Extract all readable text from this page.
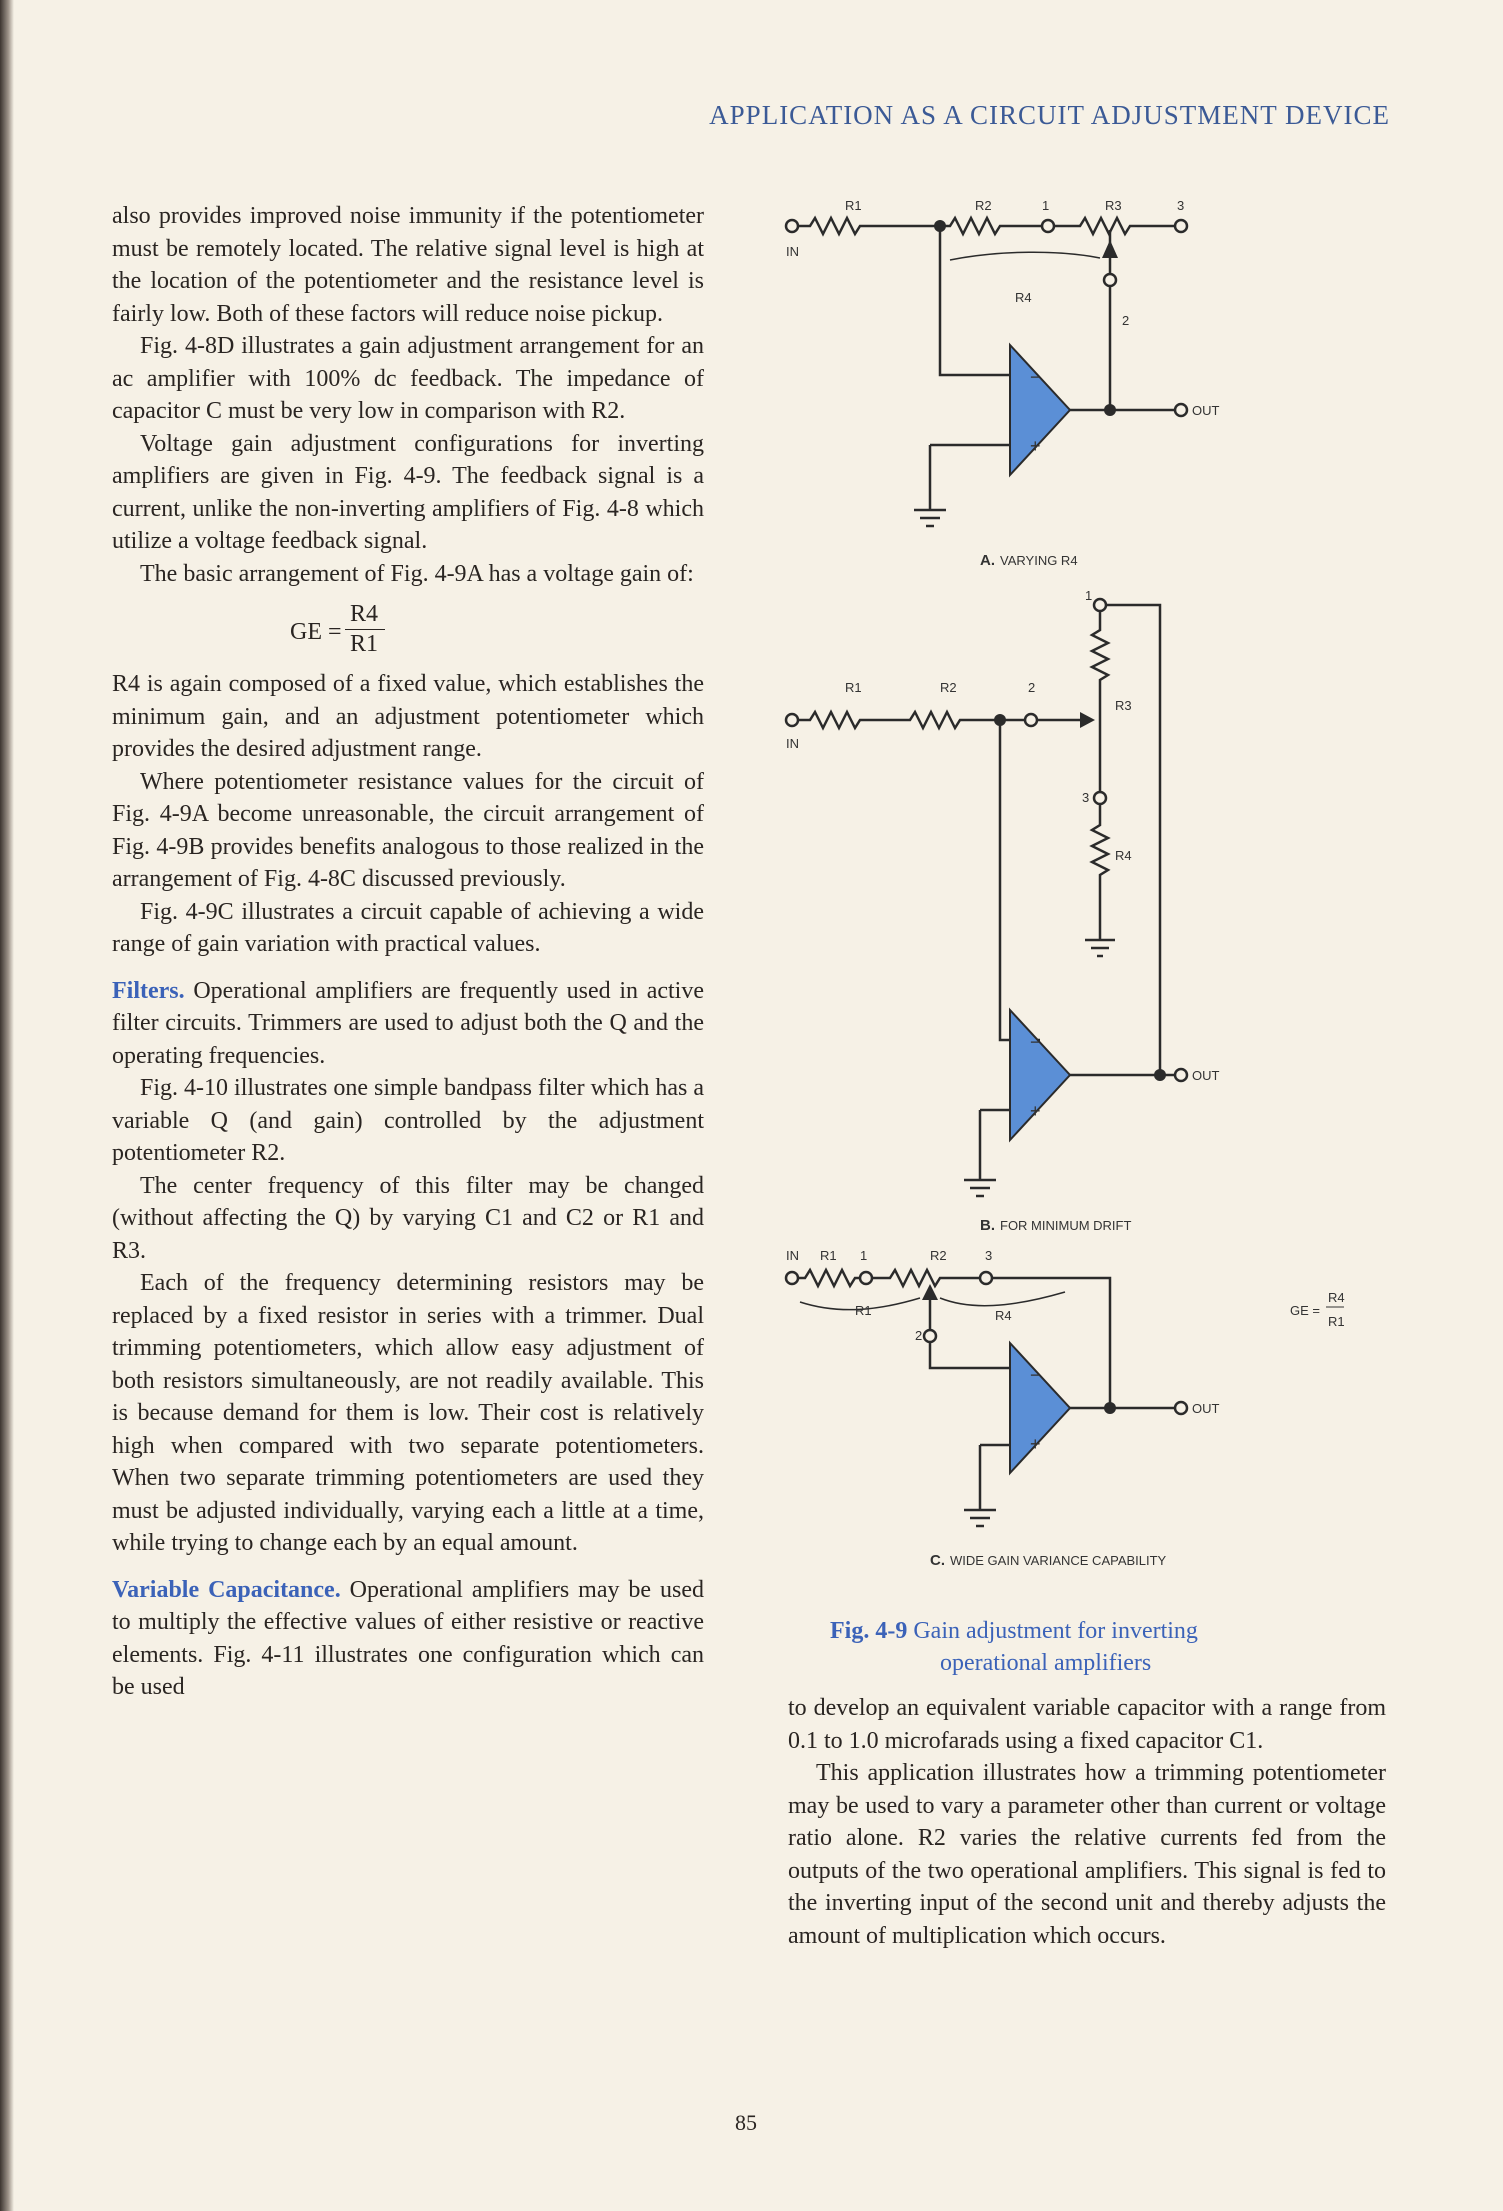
APPLICATION AS A CIRCUIT ADJUSTMENT DEVICE

also provides improved noise immunity if the potentiometer must be remotely located. The relative signal level is high at the location of the potentiometer and the resistance level is fairly low. Both of these factors will reduce noise pickup.

Fig. 4-8D illustrates a gain adjustment arrangement for an ac amplifier with 100% dc feedback. The impedance of capacitor C must be very low in comparison with R2.

Voltage gain adjustment configurations for inverting amplifiers are given in Fig. 4-9. The feedback signal is a current, unlike the non-inverting amplifiers of Fig. 4-8 which utilize a voltage feedback signal.

The basic arrangement of Fig. 4-9A has a voltage gain of:

GE =
R4
R1

R4 is again composed of a fixed value, which establishes the minimum gain, and an adjustment potentiometer which provides the desired adjustment range.

Where potentiometer resistance values for the circuit of Fig. 4-9A become unreasonable, the circuit arrangement of Fig. 4-9B provides benefits analogous to those realized in the arrangement of Fig. 4-8C discussed previously.

Fig. 4-9C illustrates a circuit capable of achieving a wide range of gain variation with practical values.

Filters. Operational amplifiers are frequently used in active filter circuits. Trimmers are used to adjust both the Q and the operating frequencies.

Fig. 4-10 illustrates one simple bandpass filter which has a variable Q (and gain) controlled by the adjustment potentiometer R2.

The center frequency of this filter may be changed (without affecting the Q) by varying C1 and C2 or R1 and R3.

Each of the frequency determining resistors may be replaced by a fixed resistor in series with a trimmer. Dual trimming potentiometers, which allow easy adjustment of both resistors simultaneously, are not readily available. This is because demand for them is low. Their cost is relatively high when compared with two separate potentiometers. When two separate trimming potentiometers are used they must be adjusted individually, varying each a little at a time, while trying to change each by an equal amount.

Variable Capacitance. Operational amplifiers may be used to multiply the effective values of either resistive or reactive elements. Fig. 4-11 illustrates one configuration which can be used

−
+
−
+
−
+
R1	R2	1	R3	3
IN
R4
2
OUT
A. VARYING R4
R1	R2	2
1
R3
3
R4
IN
OUT
B. FOR MINIMUM DRIFT
IN R1 1	R2	3
R1
2
R4	GE =
R4
R1
OUT
C. WIDE GAIN VARIANCE CAPABILITY
Fig. 4-9 Gain adjustment for inverting
operational amplifiers

to develop an equivalent variable capacitor with a range from 0.1 to 1.0 microfarads using a fixed capacitor C1.

This application illustrates how a trimming potentiometer may be used to vary a parameter other than current or voltage ratio alone. R2 varies the relative currents fed from the outputs of the two operational amplifiers. This signal is fed to the inverting input of the second unit and thereby adjusts the amount of multiplication which occurs.

85
